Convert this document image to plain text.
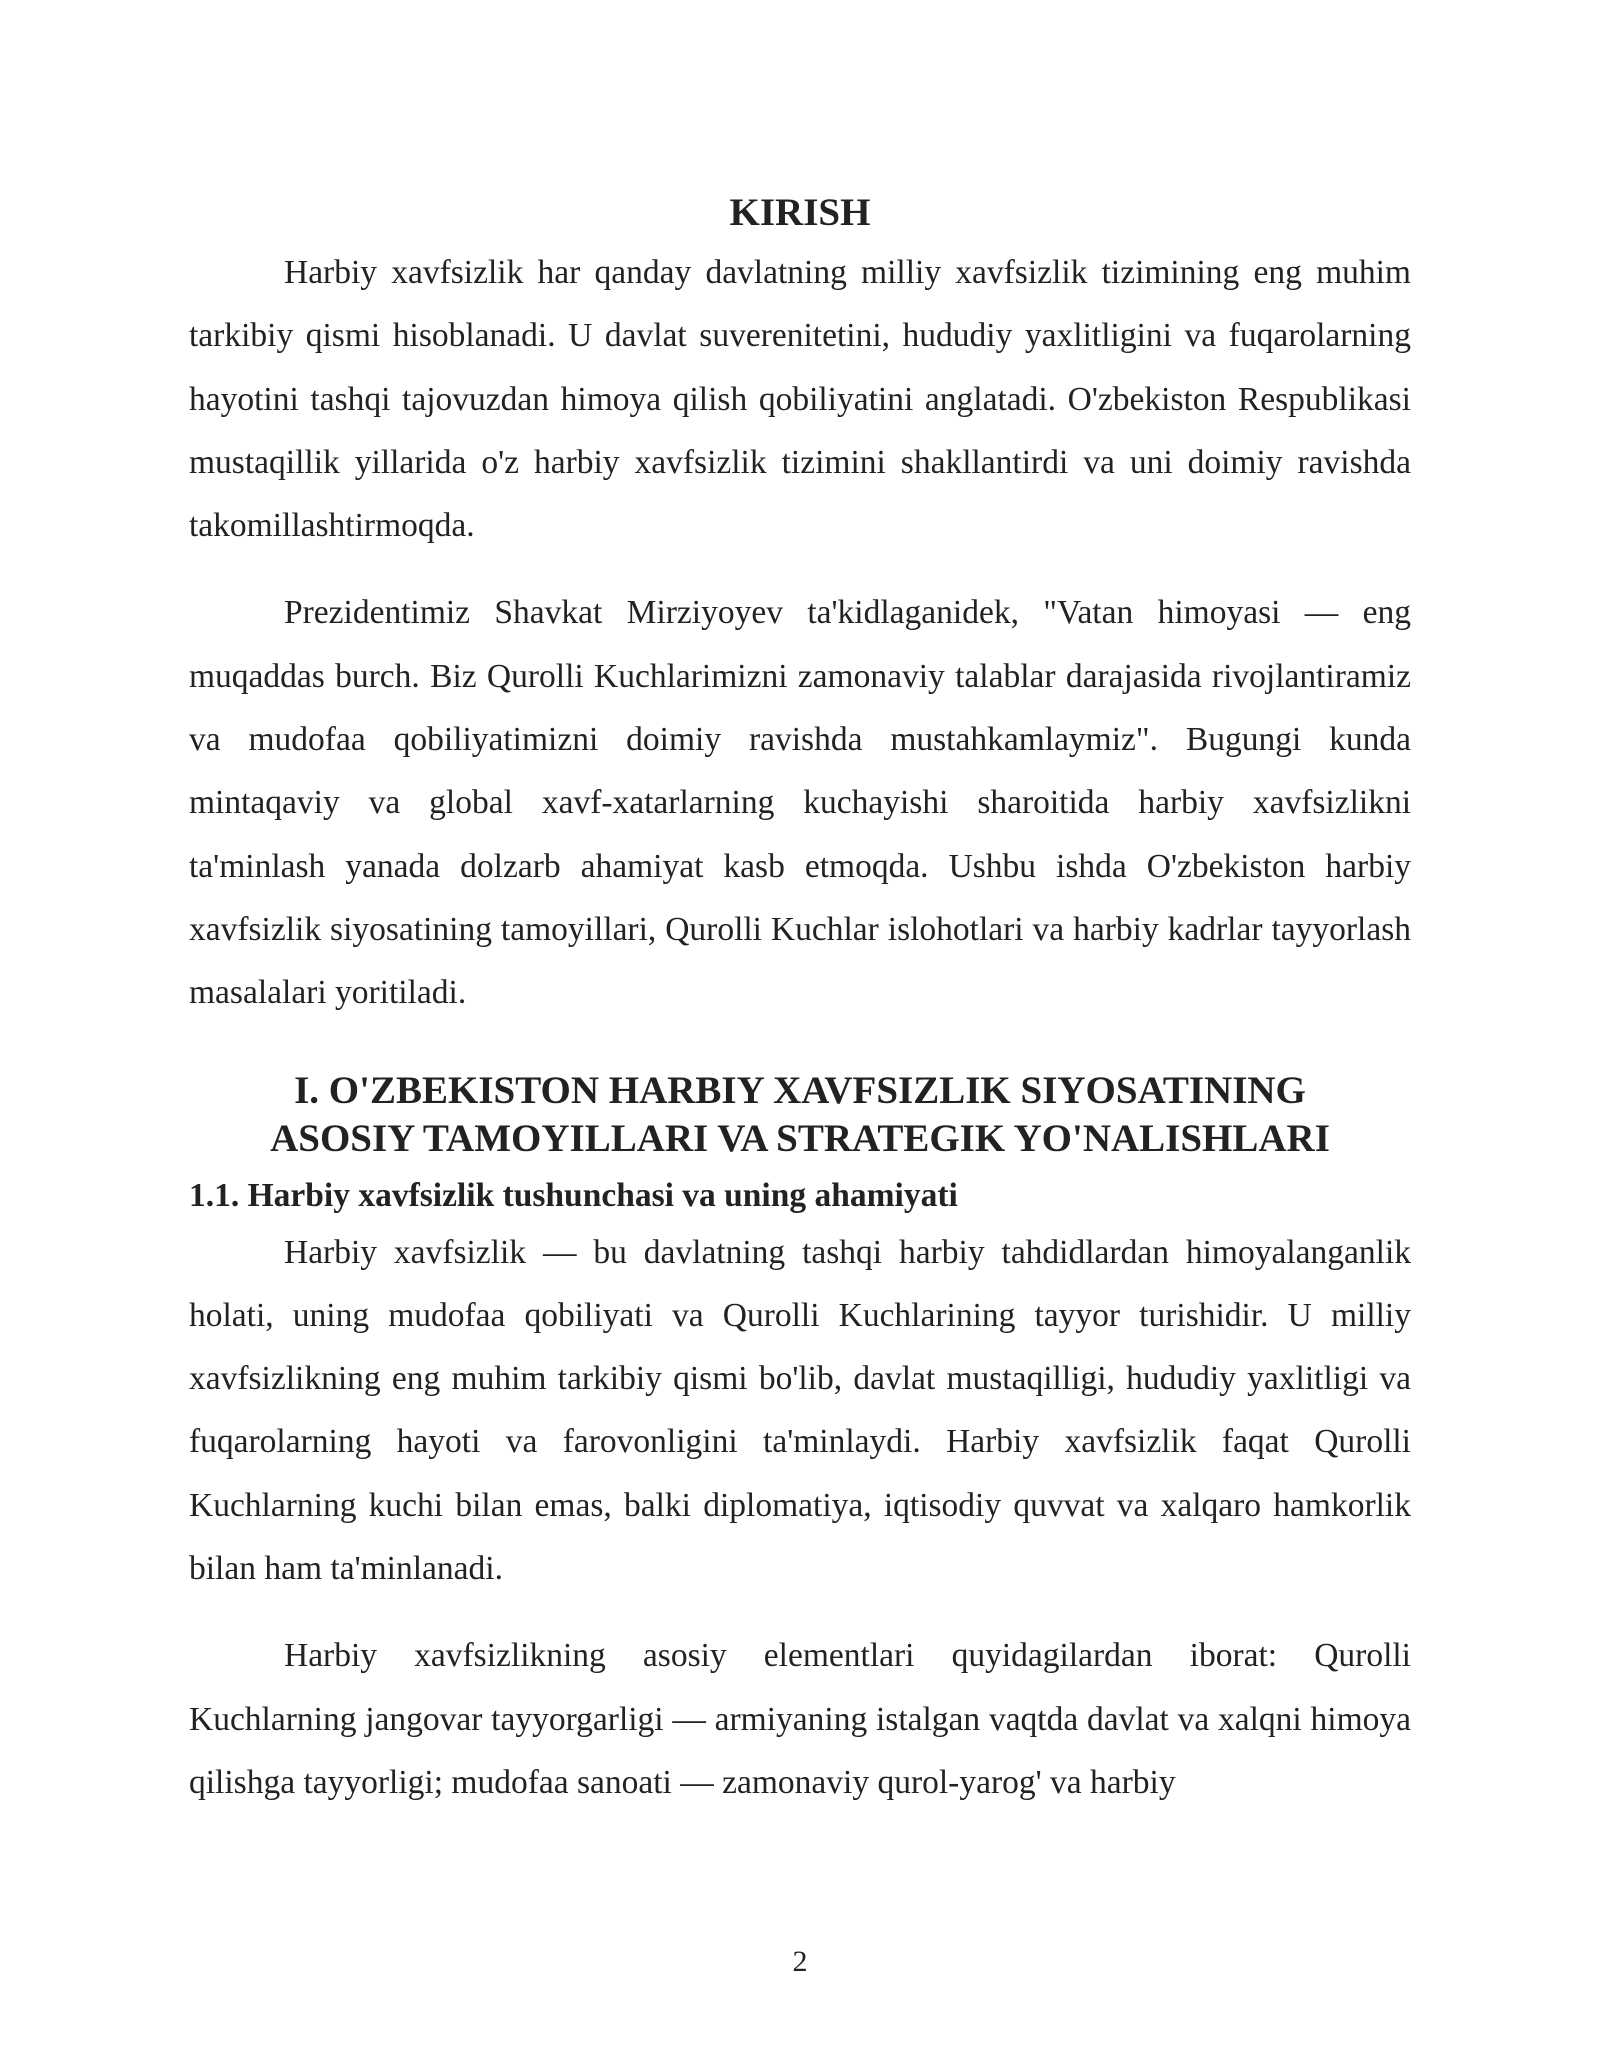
KIRISH

Harbiy xavfsizlik har qanday davlatning milliy xavfsizlik tizimining eng muhim tarkibiy qismi hisoblanadi. U davlat suverenitetini, hududiy yaxlitligini va fuqarolarning hayotini tashqi tajovuzdan himoya qilish qobiliyatini anglatadi. O'zbekiston Respublikasi mustaqillik yillarida o'z harbiy xavfsizlik tizimini shakllantirdi va uni doimiy ravishda takomillashtirmoqda.

Prezidentimiz Shavkat Mirziyoyev ta'kidlaganidek, "Vatan himoyasi — eng muqaddas burch. Biz Qurolli Kuchlarimizni zamonaviy talablar darajasida rivojlantiramiz va mudofaa qobiliyatimizni doimiy ravishda mustahkamlaymiz". Bugungi kunda mintaqaviy va global xavf-xatarlarning kuchayishi sharoitida harbiy xavfsizlikni ta'minlash yanada dolzarb ahamiyat kasb etmoqda. Ushbu ishda O'zbekiston harbiy xavfsizlik siyosatining tamoyillari, Qurolli Kuchlar islohotlari va harbiy kadrlar tayyorlash masalalari yoritiladi.

I. O'ZBEKISTON HARBIY XAVFSIZLIK SIYOSATINING
ASOSIY TAMOYILLARI VA STRATEGIK YO'NALISHLARI
1.1. Harbiy xavfsizlik tushunchasi va uning ahamiyati

Harbiy xavfsizlik — bu davlatning tashqi harbiy tahdidlardan himoyalanganlik holati, uning mudofaa qobiliyati va Qurolli Kuchlarining tayyor turishidir. U milliy xavfsizlikning eng muhim tarkibiy qismi bo'lib, davlat mustaqilligi, hududiy yaxlitligi va fuqarolarning hayoti va farovonligini ta'minlaydi. Harbiy xavfsizlik faqat Qurolli Kuchlarning kuchi bilan emas, balki diplomatiya, iqtisodiy quvvat va xalqaro hamkorlik bilan ham ta'minlanadi.

Harbiy xavfsizlikning asosiy elementlari quyidagilardan iborat: Qurolli Kuchlarning jangovar tayyorgarligi — armiyaning istalgan vaqtda davlat va xalqni himoya qilishga tayyorligi; mudofaa sanoati — zamonaviy qurol-yarog' va harbiy

2
